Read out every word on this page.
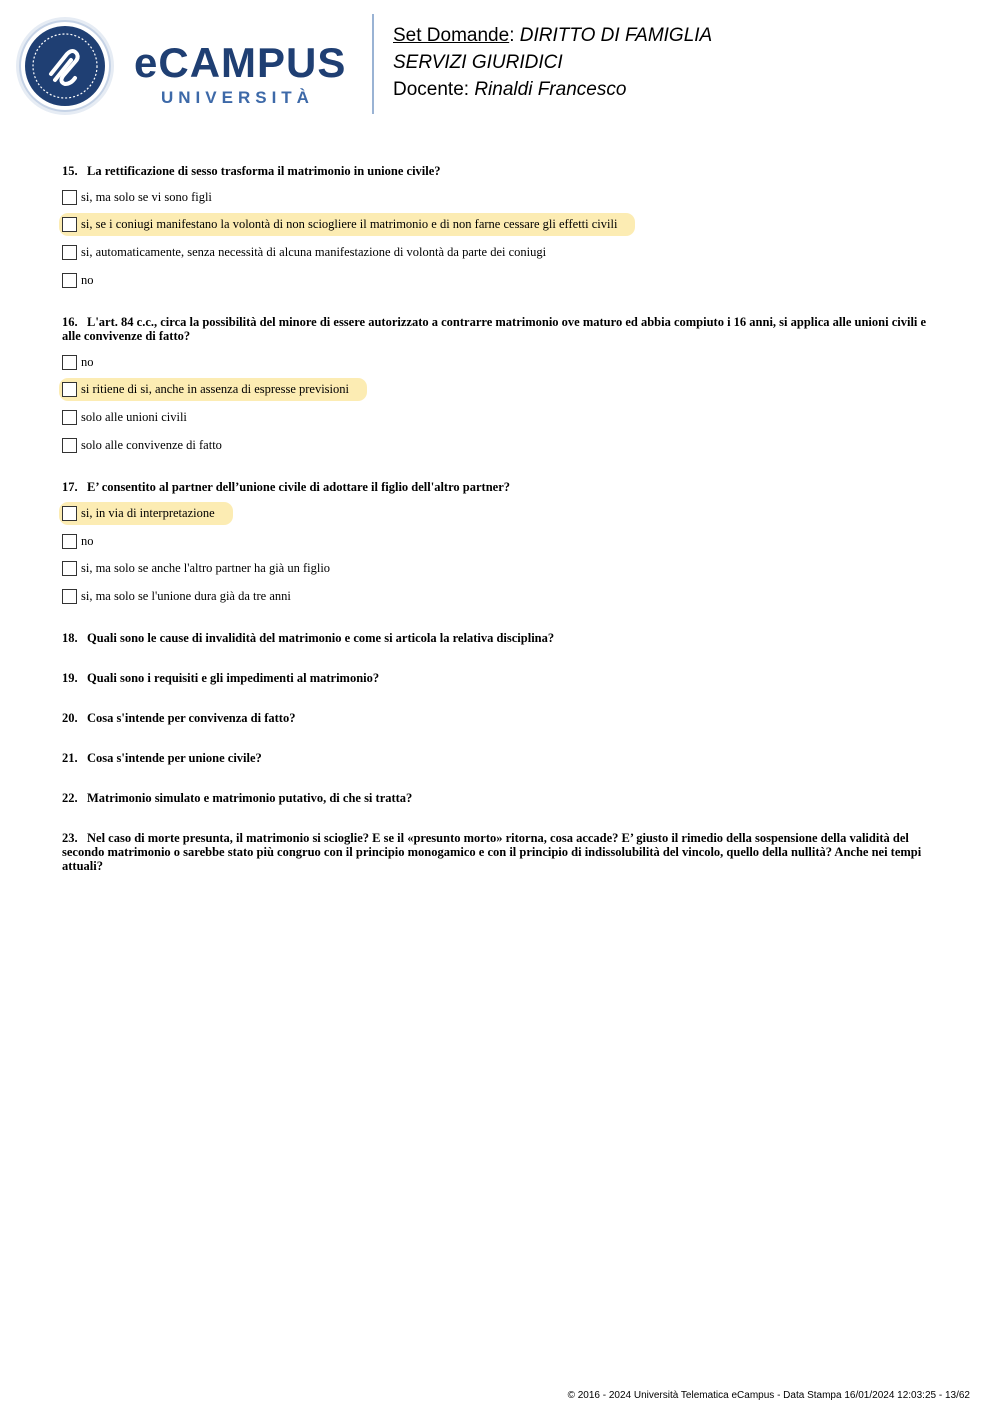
eCAMPUS
UNIVERSITÀ
Set Domande: DIRITTO DI FAMIGLIA
SERVIZI GIURIDICI
Docente: Rinaldi Francesco
15. La rettificazione di sesso trasforma il matrimonio in unione civile?
si, ma solo se vi sono figli
si, se i coniugi manifestano la volontà di non sciogliere il matrimonio e di non farne cessare gli effetti civili
si, automaticamente, senza necessità di alcuna manifestazione di volontà da parte dei coniugi
no
16. L'art. 84 c.c., circa la possibilità del minore di essere autorizzato a contrarre matrimonio ove maturo ed abbia compiuto i 16 anni, si applica alle unioni civili e alle convivenze di fatto?
no
si ritiene di si, anche in assenza di espresse previsioni
solo alle unioni civili
solo alle convivenze di fatto
17. E’ consentito al partner dell’unione civile di adottare il figlio dell'altro partner?
si, in via di interpretazione
no
si, ma solo se anche l'altro partner ha già un figlio
si, ma solo se l'unione dura già da tre anni
18. Quali sono le cause di invalidità del matrimonio e come si articola la relativa disciplina?
19. Quali sono i requisiti e gli impedimenti al matrimonio?
20. Cosa s'intende per convivenza di fatto?
21. Cosa s'intende per unione civile?
22. Matrimonio simulato e matrimonio putativo, di che si tratta?
23. Nel caso di morte presunta, il matrimonio si scioglie? E se il «presunto morto» ritorna, cosa accade? E’ giusto il rimedio della sospensione della validità del secondo matrimonio o sarebbe stato più congruo con il principio monogamico e con il principio di indissolubilità del vincolo, quello della nullità? Anche nei tempi attuali?
© 2016 - 2024 Università Telematica eCampus - Data Stampa 16/01/2024 12:03:25 - 13/62
